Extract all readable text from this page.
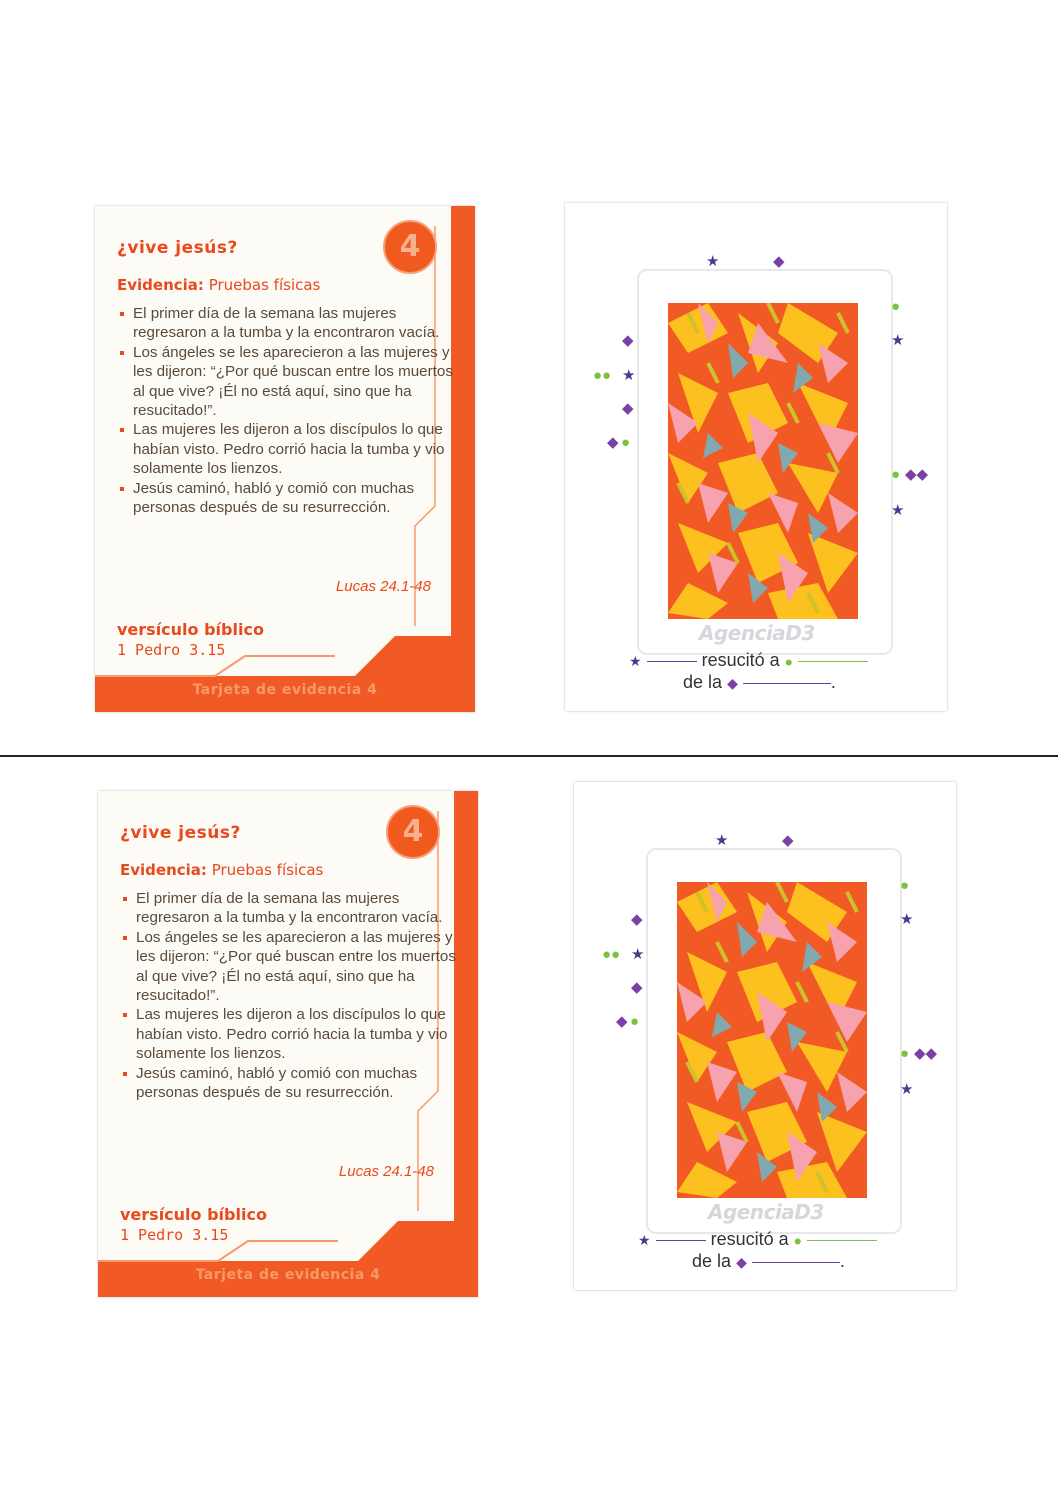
¿vive jesús?	4
Evidencia: Pruebas físicas
El primer día de la semana las mujeres regresaron a la tumba y la encontraron vacía.
Los ángeles se les aparecieron a las mujeres y les dijeron: “¿Por qué buscan entre los muertos al que vive? ¡Él no está aquí, sino que ha resucitado!”.
Las mujeres les dijeron a los discípulos lo que habían visto. Pedro corrió hacia la tumba y vio solamente los lienzos.
Jesús caminó, habló y comió con muchas personas después de su resurrección.
Lucas 24.1-48
versículo bíblico
1 Pedro 3.15
Tarjeta de evidencia 4
AgenciaD3
★	◆
●
★
◆
●● ★
◆
◆ ●
● ◆◆
★
★	resucitó a ●
de la ◆	.
¿vive jesús?	4
Evidencia: Pruebas físicas
El primer día de la semana las mujeres regresaron a la tumba y la encontraron vacía.
Los ángeles se les aparecieron a las mujeres y les dijeron: “¿Por qué buscan entre los muertos al que vive? ¡Él no está aquí, sino que ha resucitado!”.
Las mujeres les dijeron a los discípulos lo que habían visto. Pedro corrió hacia la tumba y vio solamente los lienzos.
Jesús caminó, habló y comió con muchas personas después de su resurrección.
Lucas 24.1-48
versículo bíblico
1 Pedro 3.15
Tarjeta de evidencia 4
AgenciaD3
★	◆
●
★
◆
●● ★
◆
◆ ●
● ◆◆
★
★	resucitó a ●
de la ◆	.
